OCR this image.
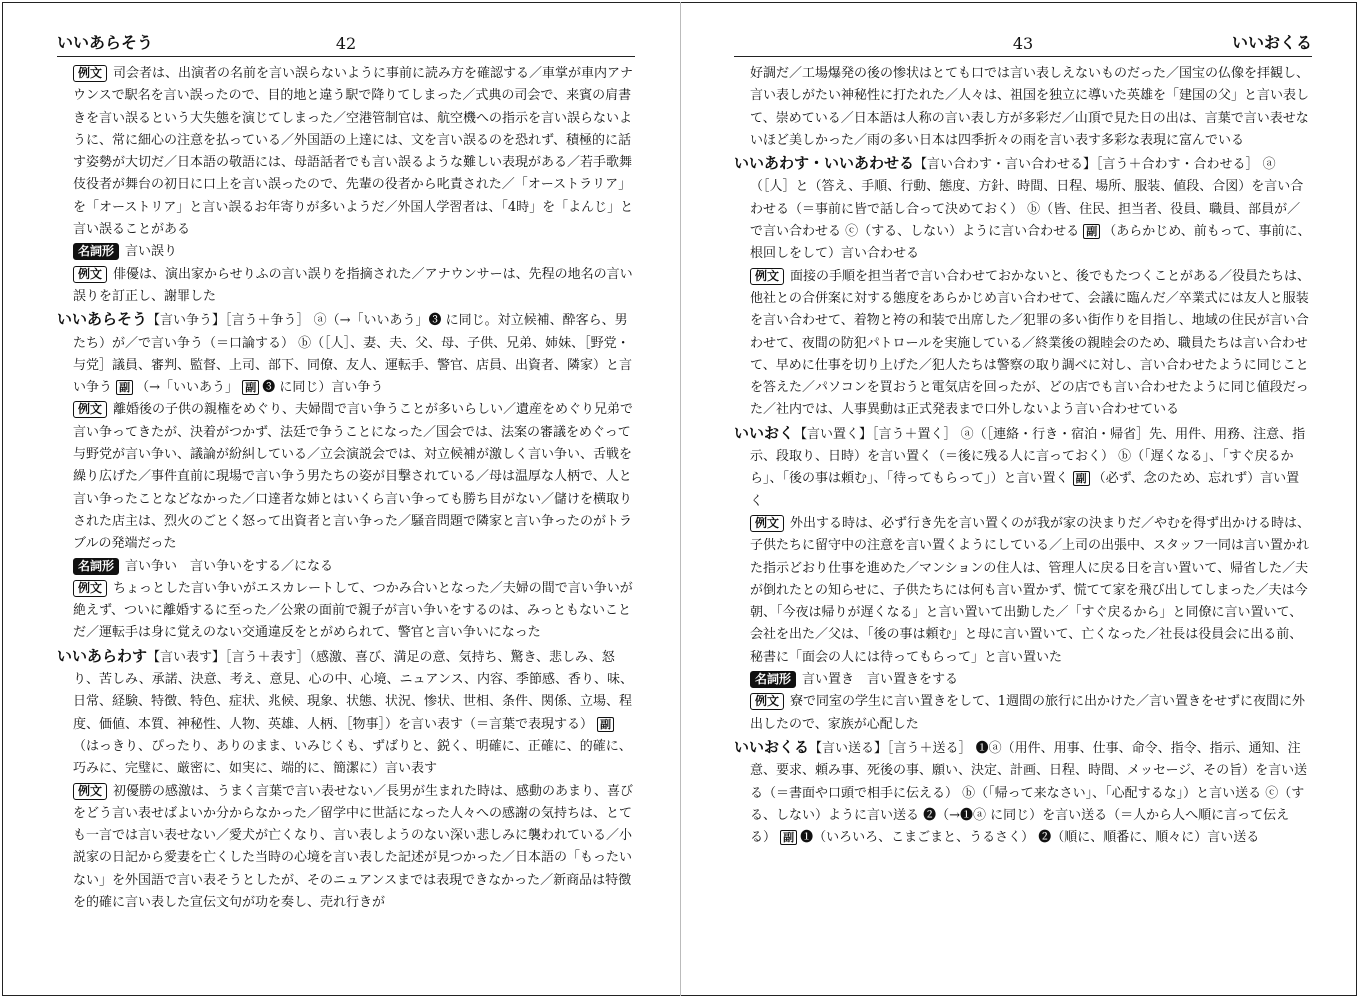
42
いいあらそう

例文 司会者は、出演者の名前を言い誤らないように事前に読み方を確認する／車掌が車内アナウンスで駅名を言い誤ったので、目的地と違う駅で降りてしまった／式典の司会で、来賓の肩書きを言い誤るという大失態を演じてしまった／空港管制官は、航空機への指示を言い誤らないように、常に細心の注意を払っている／外国語の上達には、文を言い誤るのを恐れず、積極的に話す姿勢が大切だ／日本語の敬語には、母語話者でも言い誤るような難しい表現がある／若手歌舞伎役者が舞台の初日に口上を言い誤ったので、先輩の役者から叱責された／「オーストラリア」を「オーストリア」と言い誤るお年寄りが多いようだ／外国人学習者は、「4時」を「よんじ」と言い誤ることがある

名詞形 言い誤り

例文 俳優は、演出家からせりふの言い誤りを指摘された／アナウンサーは、先程の地名の言い誤りを訂正し、謝罪した

いいあらそう【言い争う】［言う＋争う］ ⓐ（→「いいあう」❸ に同じ。対立候補、酔客ら、男たち）が／で言い争う（＝口論する） ⓑ（［人］、妻、夫、父、母、子供、兄弟、姉妹、［野党・与党］議員、審判、監督、上司、部下、同僚、友人、運転手、警官、店員、出資者、隣家）と言い争う 副 （→「いいあう」 副 ❸ に同じ）言い争う

例文 離婚後の子供の親権をめぐり、夫婦間で言い争うことが多いらしい／遺産をめぐり兄弟で言い争ってきたが、決着がつかず、法廷で争うことになった／国会では、法案の審議をめぐって与野党が言い争い、議論が紛糾している／立会演説会では、対立候補が激しく言い争い、舌戦を繰り広げた／事件直前に現場で言い争う男たちの姿が目撃されている／母は温厚な人柄で、人と言い争ったことなどなかった／口達者な姉とはいくら言い争っても勝ち目がない／儲けを横取りされた店主は、烈火のごとく怒って出資者と言い争った／騒音問題で隣家と言い争ったのがトラブルの発端だった

名詞形 言い争い　言い争いをする／になる

例文 ちょっとした言い争いがエスカレートして、つかみ合いとなった／夫婦の間で言い争いが絶えず、ついに離婚するに至った／公衆の面前で親子が言い争いをするのは、みっともないことだ／運転手は身に覚えのない交通違反をとがめられて、警官と言い争いになった

いいあらわす【言い表す】［言う＋表す］（感激、喜び、満足の意、気持ち、驚き、悲しみ、怒り、苦しみ、承諾、決意、考え、意見、心の中、心境、ニュアンス、内容、季節感、香り、味、日常、経験、特徴、特色、症状、兆候、現象、状態、状況、惨状、世相、条件、関係、立場、程度、価値、本質、神秘性、人物、英雄、人柄、［物事］）を言い表す（＝言葉で表現する） 副（はっきり、ぴったり、ありのまま、いみじくも、ずばりと、鋭く、明確に、正確に、的確に、巧みに、完璧に、厳密に、如実に、端的に、簡潔に）言い表す

例文 初優勝の感激は、うまく言葉で言い表せない／長男が生まれた時は、感動のあまり、喜びをどう言い表せばよいか分からなかった／留学中に世話になった人々への感謝の気持ちは、とても一言では言い表せない／愛犬が亡くなり、言い表しようのない深い悲しみに襲われている／小説家の日記から愛妻を亡くした当時の心境を言い表した記述が見つかった／日本語の「もったいない」を外国語で言い表そうとしたが、そのニュアンスまでは表現できなかった／新商品は特徴を的確に言い表した宣伝文句が功を奏し、売れ行きが

43	いいおくる

好調だ／工場爆発の後の惨状はとても口では言い表しえないものだった／国宝の仏像を拝観し、言い表しがたい神秘性に打たれた／人々は、祖国を独立に導いた英雄を「建国の父」と言い表して、崇めている／日本語は人称の言い表し方が多彩だ／山頂で見た日の出は、言葉で言い表せないほど美しかった／雨の多い日本は四季折々の雨を言い表す多彩な表現に富んでいる

いいあわす・いいあわせる【言い合わす・言い合わせる】［言う＋合わす・合わせる］ ⓐ（［人］と（答え、手順、行動、態度、方針、時間、日程、場所、服装、値段、合図）を言い合わせる（＝事前に皆で話し合って決めておく） ⓑ（皆、住民、担当者、役員、職員、部員が／で言い合わせる ⓒ（する、しない）ように言い合わせる 副 （あらかじめ、前もって、事前に、根回しをして）言い合わせる

例文 面接の手順を担当者で言い合わせておかないと、後でもたつくことがある／役員たちは、他社との合併案に対する態度をあらかじめ言い合わせて、会議に臨んだ／卒業式には友人と服装を言い合わせて、着物と袴の和装で出席した／犯罪の多い街作りを目指し、地域の住民が言い合わせて、夜間の防犯パトロールを実施している／終業後の親睦会のため、職員たちは言い合わせて、早めに仕事を切り上げた／犯人たちは警察の取り調べに対し、言い合わせたように同じことを答えた／パソコンを買おうと電気店を回ったが、どの店でも言い合わせたように同じ値段だった／社内では、人事異動は正式発表まで口外しないよう言い合わせている

いいおく【言い置く】［言う＋置く］ ⓐ（［連絡・行き・宿泊・帰省］先、用件、用務、注意、指示、段取り、日時）を言い置く（＝後に残る人に言っておく） ⓑ（「遅くなる」、「すぐ戻るから」、「後の事は頼む」、「待ってもらって」）と言い置く 副 （必ず、念のため、忘れず）言い置く

例文 外出する時は、必ず行き先を言い置くのが我が家の決まりだ／やむを得ず出かける時は、子供たちに留守中の注意を言い置くようにしている／上司の出張中、スタッフ一同は言い置かれた指示どおり仕事を進めた／マンションの住人は、管理人に戻る日を言い置いて、帰省した／夫が倒れたとの知らせに、子供たちには何も言い置かず、慌てて家を飛び出してしまった／夫は今朝、「今夜は帰りが遅くなる」と言い置いて出勤した／「すぐ戻るから」と同僚に言い置いて、会社を出た／父は、「後の事は頼む」と母に言い置いて、亡くなった／社長は役員会に出る前、秘書に「面会の人には待ってもらって」と言い置いた

名詞形 言い置き　言い置きをする

例文 寮で同室の学生に言い置きをして、1週間の旅行に出かけた／言い置きをせずに夜間に外出したので、家族が心配した

いいおくる【言い送る】［言う＋送る］ ❶ⓐ（用件、用事、仕事、命令、指令、指示、通知、注意、要求、頼み事、死後の事、願い、決定、計画、日程、時間、メッセージ、その旨）を言い送る（＝書面や口頭で相手に伝える） ⓑ（「帰って来なさい」、「心配するな」）と言い送る ⓒ（する、しない）ように言い送る ❷（→❶ⓐ に同じ）を言い送る（＝人から人へ順に言って伝える） 副 ❶（いろいろ、こまごまと、うるさく） ❷（順に、順番に、順々に）言い送る
